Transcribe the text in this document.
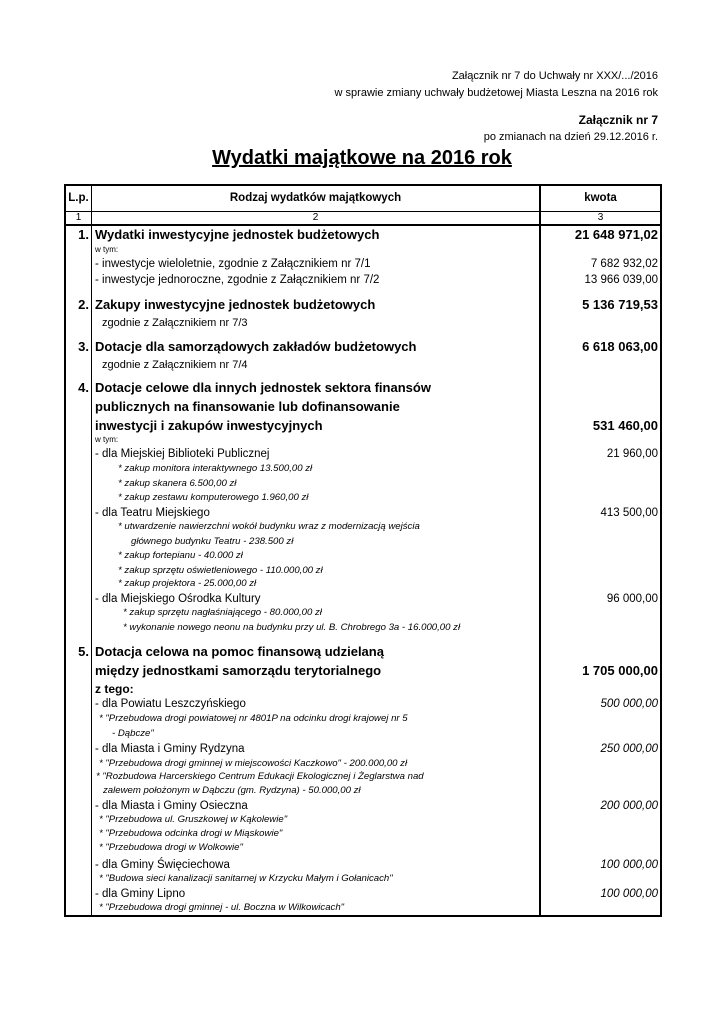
Załącznik nr 7 do Uchwały nr XXX/.../2016
w sprawie zmiany uchwały budżetowej Miasta Leszna na 2016 rok
Załącznik nr 7
po zmianach na dzień 29.12.2016 r.
Wydatki majątkowe na 2016 rok
L.p.	Rodzaj wydatków majątkowych	kwota
1	2	3
1. Wydatki inwestycyjne jednostek budżetowych	21 648 971,02
w tym:
- inwestycje wieloletnie, zgodnie z Załącznikiem nr 7/1	7 682 932,02
- inwestycje jednoroczne, zgodnie z Załącznikiem nr 7/2	13 966 039,00
2. Zakupy inwestycyjne jednostek budżetowych	5 136 719,53
zgodnie z Załącznikiem nr 7/3
3. Dotacje dla samorządowych zakładów budżetowych	6 618 063,00
zgodnie z Załącznikiem nr 7/4
4. Dotacje celowe dla innych jednostek sektora finansów
publicznych na finansowanie lub dofinansowanie
inwestycji i zakupów inwestycyjnych	531 460,00
w tym:
- dla Miejskiej Biblioteki Publicznej	21 960,00
* zakup monitora interaktywnego 13.500,00 zł
* zakup skanera 6.500,00 zł
* zakup zestawu komputerowego 1.960,00 zł
- dla Teatru Miejskiego	413 500,00
* utwardzenie nawierzchni wokół budynku wraz z modernizacją wejścia
głównego budynku Teatru - 238.500 zł
* zakup fortepianu - 40.000 zł
* zakup sprzętu oświetleniowego - 110.000,00 zł
* zakup projektora - 25.000,00 zł
- dla Miejskiego Ośrodka Kultury	96 000,00
* zakup sprzętu nagłaśniającego - 80.000,00 zł
* wykonanie nowego neonu na budynku przy ul. B. Chrobrego 3a - 16.000,00 zł
5. Dotacja celowa na pomoc finansową udzielaną
między jednostkami samorządu terytorialnego	1 705 000,00
z tego:
- dla Powiatu Leszczyńskiego	500 000,00
* "Przebudowa drogi powiatowej nr 4801P na odcinku drogi krajowej nr 5
- Dąbcze"
- dla Miasta i Gminy Rydzyna	250 000,00
* "Przebudowa drogi gminnej w miejscowości Kaczkowo" - 200.000,00 zł
* "Rozbudowa Harcerskiego Centrum Edukacji Ekologicznej i Żeglarstwa nad
zalewem położonym w Dąbczu (gm. Rydzyna) - 50.000,00 zł
- dla Miasta i Gminy Osieczna	200 000,00
* "Przebudowa ul. Gruszkowej w Kąkolewie"
* "Przebudowa odcinka drogi w Miąskowie"
* "Przebudowa drogi w Wolkowie"
- dla Gminy Święciechowa	100 000,00
* "Budowa sieci kanalizacji sanitarnej w Krzycku Małym i Gołanicach"
- dla Gminy Lipno	100 000,00
* "Przebudowa drogi gminnej - ul. Boczna w Wilkowicach"
